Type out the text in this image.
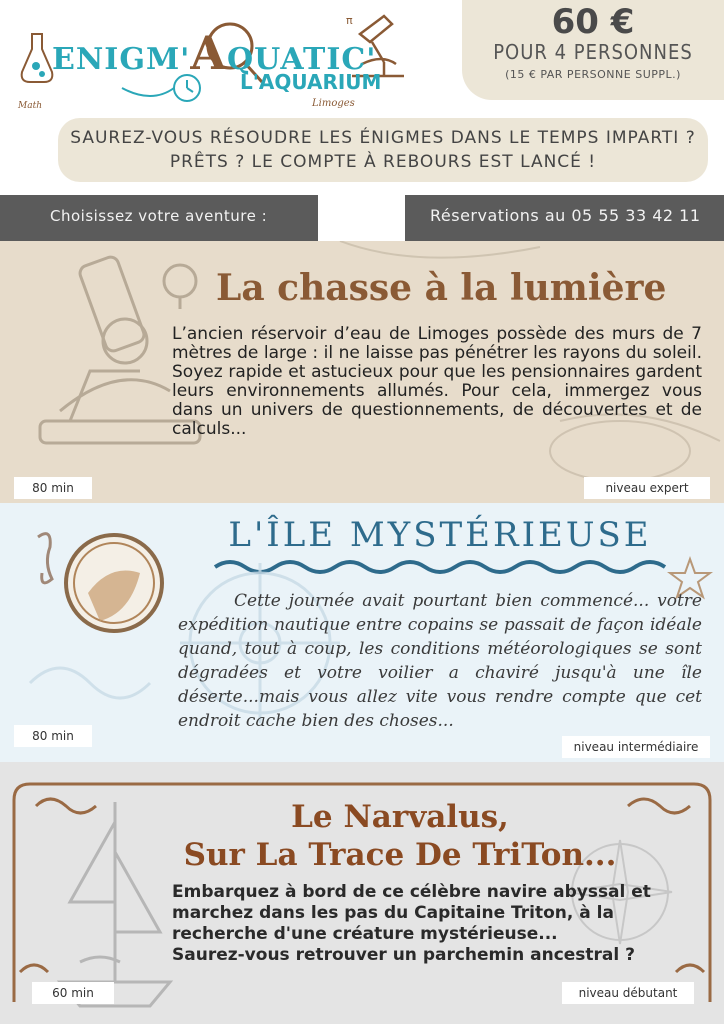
Math
π
ENIGM'AQUATIC'
L'AQUARIUM
Limoges
60 €
POUR 4 PERSONNES
(15 € PAR PERSONNE SUPPL.)
SAUREZ-VOUS RÉSOUDRE LES ÉNIGMES DANS LE TEMPS IMPARTI ?
PRÊTS ? LE COMPTE À REBOURS EST LANCÉ !
Choisissez votre aventure :	Réservations au 05 55 33 42 11
La chasse à la lumière
L’ancien réservoir d’eau de Limoges possède des murs de 7 mètres de large : il ne laisse pas pénétrer les rayons du soleil. Soyez rapide et astucieux pour que les pensionnaires gardent leurs environnements allumés. Pour cela, immergez vous dans un univers de questionnements, de découvertes et de calculs...
80 min	niveau expert
L'ÎLE MYSTÉRIEUSE
Cette journée avait pourtant bien commencé... votre expédition nautique entre copains se passait de façon idéale quand, tout à coup, les conditions météorologiques se sont dégradées et votre voilier a chaviré jusqu'à une île déserte...mais vous allez vite vous rendre compte que cet endroit cache bien des choses...
80 min
niveau intermédiaire
Le Narvalus,
Sur La Trace De TriTon...
Embarquez à bord de ce célèbre navire abyssal et marchez dans les pas du Capitaine Triton, à la recherche d'une créature mystérieuse...
Saurez-vous retrouver un parchemin ancestral ?
60 min	niveau débutant
